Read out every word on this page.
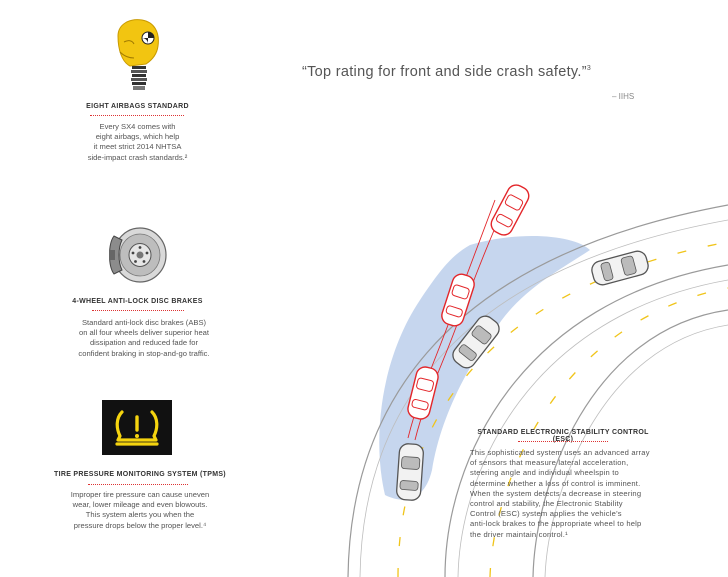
EIGHT AIRBAGS STANDARD
Every SX4 comes with
eight airbags, which help
it meet strict 2014 NHTSA
side-impact crash standards.²
4-WHEEL ANTI-LOCK DISC BRAKES
Standard anti-lock disc brakes (ABS)
on all four wheels deliver superior heat
dissipation and reduced fade for
confident braking in stop-and-go traffic.
TIRE PRESSURE MONITORING SYSTEM (TPMS)
Improper tire pressure can cause uneven
wear, lower mileage and even blowouts.
This system alerts you when the
pressure drops below the proper level.⁴
“Top rating for front and side crash safety.”$^3$
– IIHS
STANDARD ELECTRONIC STABILITY CONTROL (ESC)
This sophisticated system uses an advanced array
of sensors that measure lateral acceleration,
steering angle and individual wheelspin to
determine whether a loss of control is imminent.
When the system detects a decrease in steering
control and stability, the Electronic Stability
Control (ESC) system applies the vehicle’s
anti-lock brakes to the appropriate wheel to help
the driver maintain control.¹
